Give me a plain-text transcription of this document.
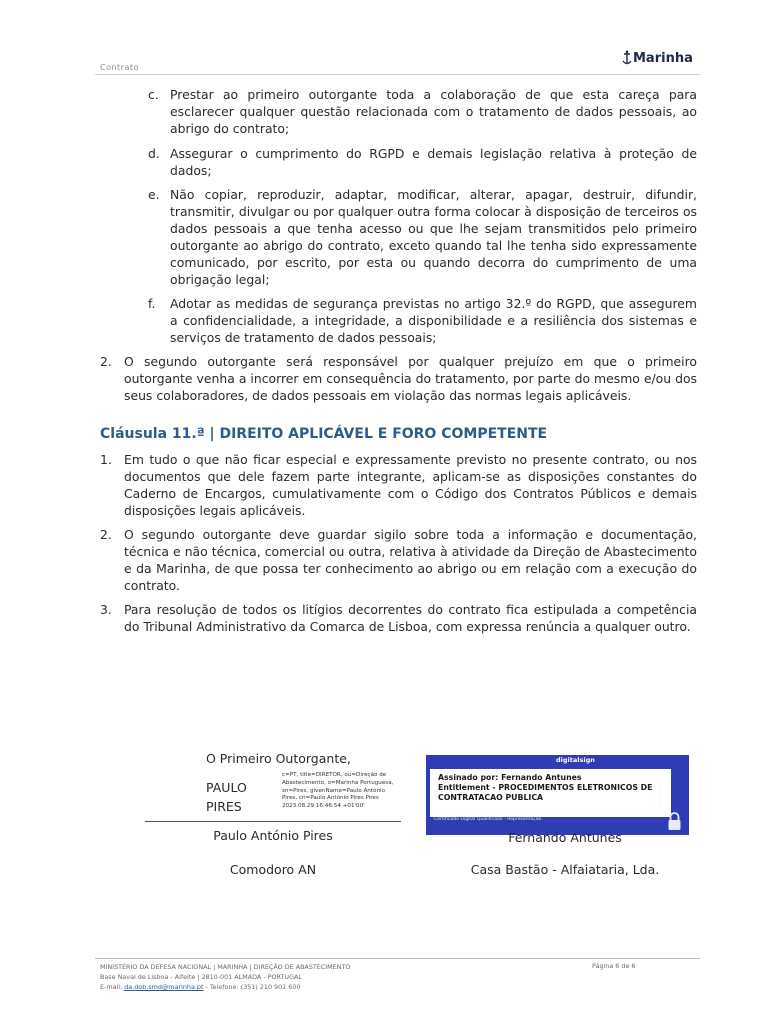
Contrato
Marinha
c. Prestar ao primeiro outorgante toda a colaboração de que esta careça para esclarecer qualquer questão relacionada com o tratamento de dados pessoais, ao abrigo do contrato;
d. Assegurar o cumprimento do RGPD e demais legislação relativa à proteção de dados;
e. Não copiar, reproduzir, adaptar, modificar, alterar, apagar, destruir, difundir, transmitir, divulgar ou por qualquer outra forma colocar à disposição de terceiros os dados pessoais a que tenha acesso ou que lhe sejam transmitidos pelo primeiro outorgante ao abrigo do contrato, exceto quando tal lhe tenha sido expressamente comunicado, por escrito, por esta ou quando decorra do cumprimento de uma obrigação legal;
f. Adotar as medidas de segurança previstas no artigo 32.º do RGPD, que assegurem a confidencialidade, a integridade, a disponibilidade e a resiliência dos sistemas e serviços de tratamento de dados pessoais;
2. O segundo outorgante será responsável por qualquer prejuízo em que o primeiro outorgante venha a incorrer em consequência do tratamento, por parte do mesmo e/ou dos seus colaboradores, de dados pessoais em violação das normas legais aplicáveis.
Cláusula 11.ª | DIREITO APLICÁVEL E FORO COMPETENTE
1. Em tudo o que não ficar especial e expressamente previsto no presente contrato, ou nos documentos que dele fazem parte integrante, aplicam-se as disposições constantes do Caderno de Encargos, cumulativamente com o Código dos Contratos Públicos e demais disposições legais aplicáveis.
2. O segundo outorgante deve guardar sigilo sobre toda a informação e documentação, técnica e não técnica, comercial ou outra, relativa à atividade da Direção de Abastecimento e da Marinha, de que possa ter conhecimento ao abrigo ou em relação com a execução do contrato.
3. Para resolução de todos os litígios decorrentes do contrato fica estipulada a competência do Tribunal Administrativo da Comarca de Lisboa, com expressa renúncia a qualquer outro.
O Primeiro Outorgante,
PAULO
PIRES
c=PT, title=DIRETOR, ou=Direção de Abastecimento, o=Marinha Portuguesa, sn=Pires, givenName=Paulo António Pires, cn=Paulo António Pires Pires 2023.08.29 16:46:54 +01'00'
Paulo António Pires
Comodoro AN
digitalsign
Assinado por: Fernando Antunes
Entitlement - PROCEDIMENTOS ELETRONICOS DE CONTRATACAO PUBLICA
Certificado Digital Qualificado - Representação
Fernando Antunes
Casa Bastão - Alfaiataria, Lda.
MINISTÉRIO DA DEFESA NACIONAL | MARINHA | DIREÇÃO DE ABASTECIMENTO
Base Naval de Lisboa - Alfeite | 2810-001 ALMADA - PORTUGAL
E-mail: da.dob.smd@marinha.pt - Telefone: (351) 210 901 600
Página 6 de 6
